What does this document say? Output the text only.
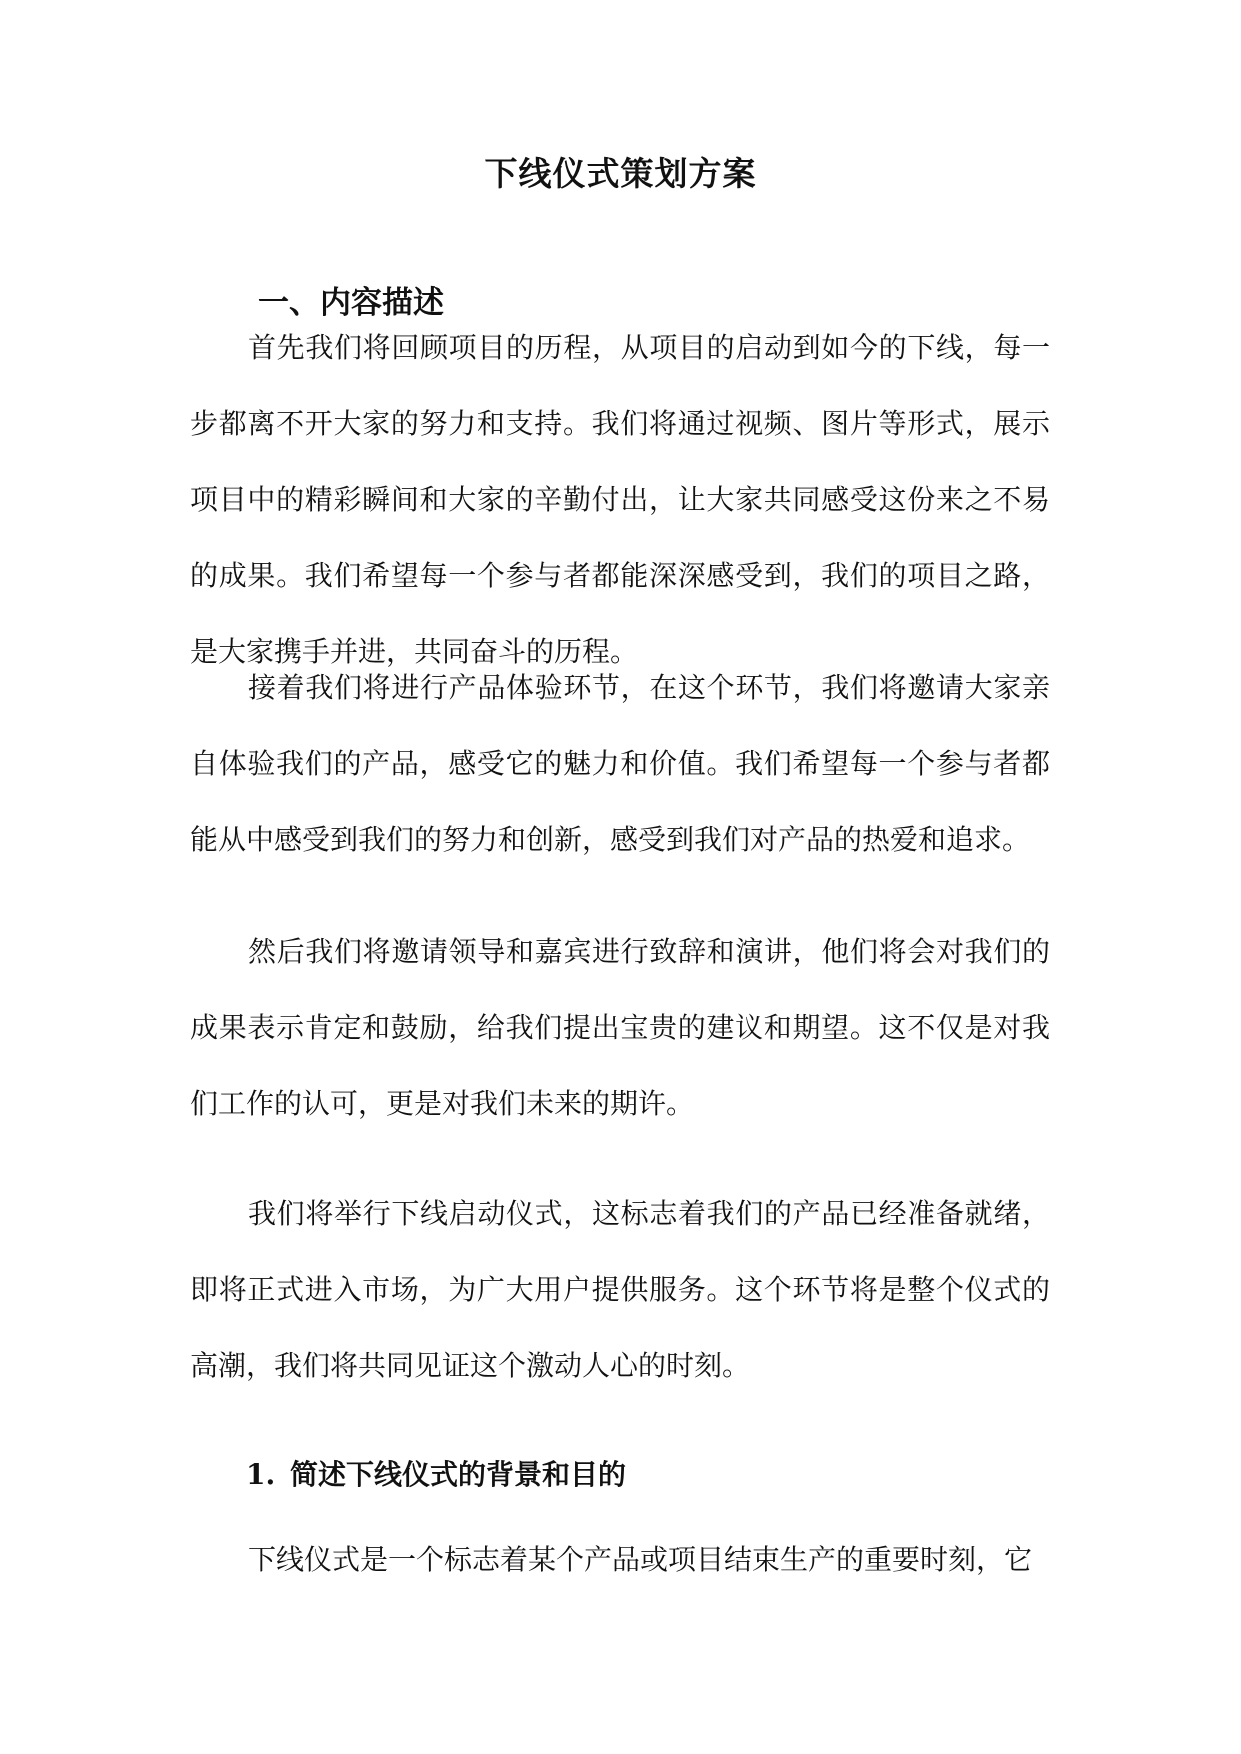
下线仪式策划方案
一、内容描述

首先我们将回顾项目的历程，从项目的启动到如今的下线，每一步都离不开大家的努力和支持。我们将通过视频、图片等形式，展示项目中的精彩瞬间和大家的辛勤付出，让大家共同感受这份来之不易的成果。我们希望每一个参与者都能深深感受到，我们的项目之路，是大家携手并进，共同奋斗的历程。

接着我们将进行产品体验环节，在这个环节，我们将邀请大家亲自体验我们的产品，感受它的魅力和价值。我们希望每一个参与者都能从中感受到我们的努力和创新，感受到我们对产品的热爱和追求。

然后我们将邀请领导和嘉宾进行致辞和演讲，他们将会对我们的成果表示肯定和鼓励，给我们提出宝贵的建议和期望。这不仅是对我们工作的认可，更是对我们未来的期许。

我们将举行下线启动仪式，这标志着我们的产品已经准备就绪，即将正式进入市场，为广大用户提供服务。这个环节将是整个仪式的高潮，我们将共同见证这个激动人心的时刻。

1. 简述下线仪式的背景和目的

下线仪式是一个标志着某个产品或项目结束生产的重要时刻，它
